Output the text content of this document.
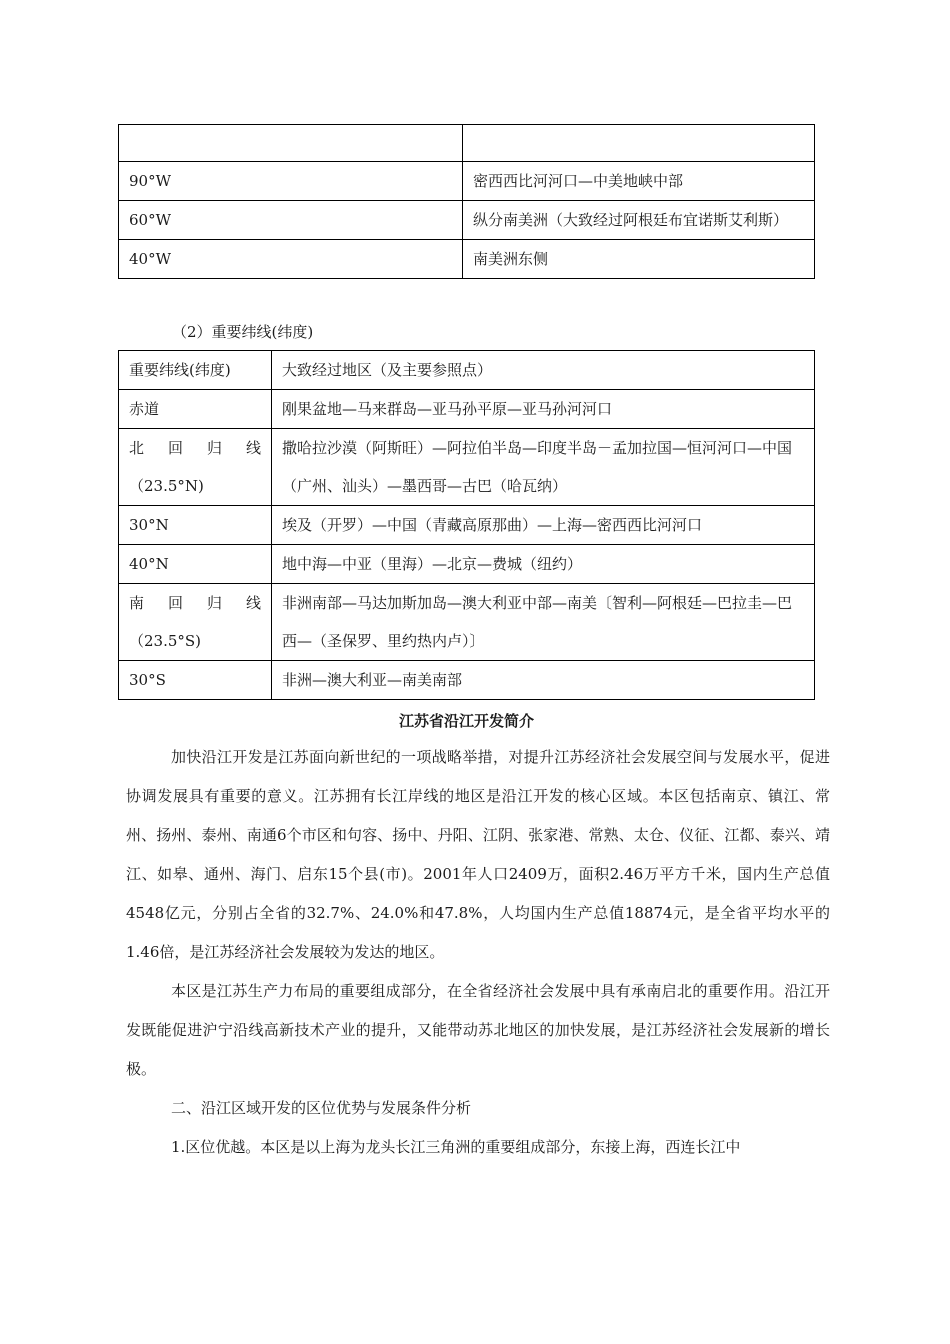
90°W	密西西比河河口—中美地峡中部
60°W	纵分南美洲（大致经过阿根廷布宜诺斯艾利斯）
40°W	南美洲东侧
（2）重要纬线(纬度)
重要纬线(纬度)	大致经过地区（及主要参照点）

赤道	刚果盆地—马来群岛—亚马孙平原—亚马孙河河口

北 回 归 线
（23.5°N)	撒哈拉沙漠（阿斯旺）—阿拉伯半岛—印度半岛－孟加拉国—恒河河口—中国（广州、汕头）—墨西哥—古巴（哈瓦纳）

30°N	埃及（开罗）—中国（青藏高原那曲）—上海—密西西比河河口

40°N	地中海—中亚（里海）—北京—费城（纽约）

南 回 归 线
（23.5°S)	非洲南部—马达加斯加岛—澳大利亚中部—南美〔智利—阿根廷—巴拉圭—巴西—（圣保罗、里约热内卢）〕

30°S	非洲—澳大利亚—南美南部
江苏省沿江开发简介

加快沿江开发是江苏面向新世纪的一项战略举措，对提升江苏经济社会发展空间与发展水平，促进协调发展具有重要的意义。江苏拥有长江岸线的地区是沿江开发的核心区域。本区包括南京、镇江、常州、扬州、泰州、南通6个市区和句容、扬中、丹阳、江阴、张家港、常熟、太仓、仪征、江都、泰兴、靖江、如皋、通州、海门、启东15个县(市)。2001年人口2409万，面积2.46万平方千米，国内生产总值4548亿元，分别占全省的32.7%、24.0%和47.8%，人均国内生产总值18874元，是全省平均水平的1.46倍，是江苏经济社会发展较为发达的地区。

本区是江苏生产力布局的重要组成部分，在全省经济社会发展中具有承南启北的重要作用。沿江开发既能促进沪宁沿线高新技术产业的提升，又能带动苏北地区的加快发展，是江苏经济社会发展新的增长极。

二、沿江区域开发的区位优势与发展条件分析

1.区位优越。本区是以上海为龙头长江三角洲的重要组成部分，东接上海，西连长江中
